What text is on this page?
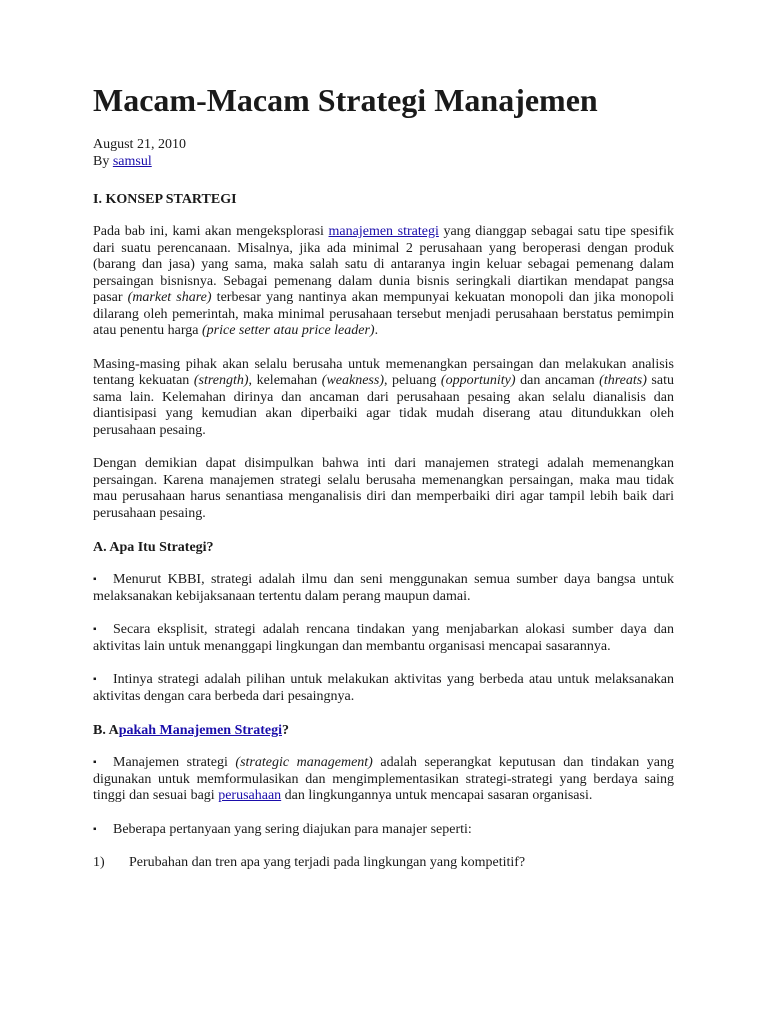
Macam-Macam Strategi Manajemen
August 21, 2010
By samsul
I. KONSEP STARTEGI

Pada bab ini, kami akan mengeksplorasi manajemen strategi yang dianggap sebagai satu tipe spesifik dari suatu perencanaan. Misalnya, jika ada minimal 2 perusahaan yang beroperasi dengan produk (barang dan jasa) yang sama, maka salah satu di antaranya ingin keluar sebagai pemenang dalam persaingan bisnisnya. Sebagai pemenang dalam dunia bisnis seringkali diartikan mendapat pangsa pasar (market share) terbesar yang nantinya akan mempunyai kekuatan monopoli dan jika monopoli dilarang oleh pemerintah, maka minimal perusahaan tersebut menjadi perusahaan berstatus pemimpin atau penentu harga (price setter atau price leader).

Masing-masing pihak akan selalu berusaha untuk memenangkan persaingan dan melakukan analisis tentang kekuatan (strength), kelemahan (weakness), peluang (opportunity) dan ancaman (threats) satu sama lain. Kelemahan dirinya dan ancaman dari perusahaan pesaing akan selalu dianalisis dan diantisipasi yang kemudian akan diperbaiki agar tidak mudah diserang atau ditundukkan oleh perusahaan pesaing.

Dengan demikian dapat disimpulkan bahwa inti dari manajemen strategi adalah memenangkan persaingan. Karena manajemen strategi selalu berusaha memenangkan persaingan, maka mau tidak mau perusahaan harus senantiasa menganalisis diri dan memperbaiki diri agar tampil lebih baik dari perusahaan pesaing.

A. Apa Itu Strategi?

▪ Menurut KBBI, strategi adalah ilmu dan seni menggunakan semua sumber daya bangsa untuk melaksanakan kebijaksanaan tertentu dalam perang maupun damai.

▪ Secara eksplisit, strategi adalah rencana tindakan yang menjabarkan alokasi sumber daya dan aktivitas lain untuk menanggapi lingkungan dan membantu organisasi mencapai sasarannya.

▪ Intinya strategi adalah pilihan untuk melakukan aktivitas yang berbeda atau untuk melaksanakan aktivitas dengan cara berbeda dari pesaingnya.

B. Apakah Manajemen Strategi?

▪ Manajemen strategi (strategic management) adalah seperangkat keputusan dan tindakan yang digunakan untuk memformulasikan dan mengimplementasikan strategi-strategi yang berdaya saing tinggi dan sesuai bagi perusahaan dan lingkungannya untuk mencapai sasaran organisasi.

▪ Beberapa pertanyaan yang sering diajukan para manajer seperti:

1) Perubahan dan tren apa yang terjadi pada lingkungan yang kompetitif?
